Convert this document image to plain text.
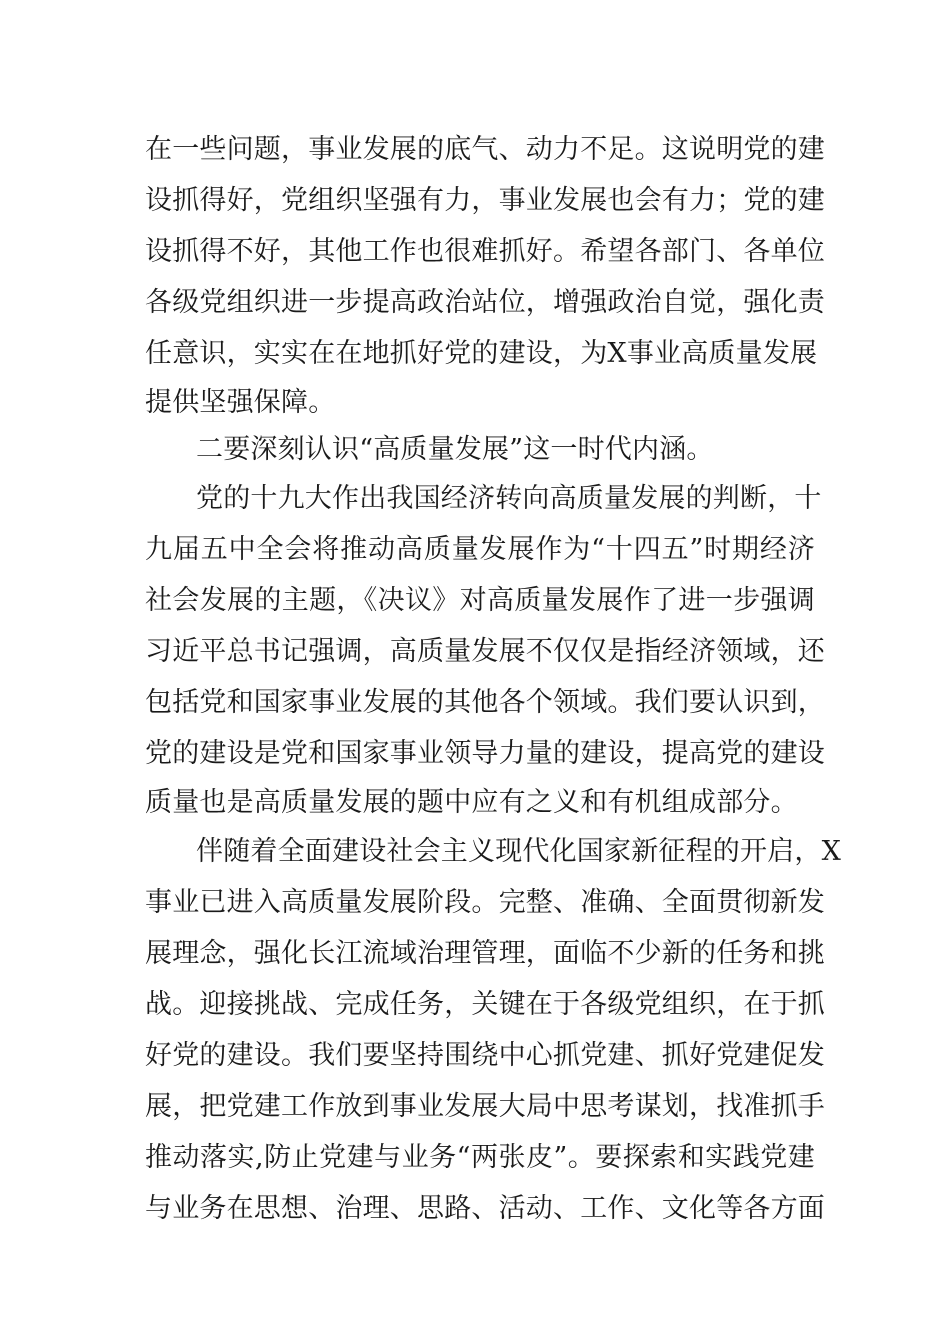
在一些问题，事业发展的底气、动力不足。这说明党的建
设抓得好，党组织坚强有力，事业发展也会有力；党的建
设抓得不好，其他工作也很难抓好。希望各部门、各单位
各级党组织进一步提高政治站位，增强政治自觉，强化责
任意识，实实在在地抓好党的建设，为X事业高质量发展
提供坚强保障。
二要深刻认识“高质量发展”这一时代内涵。
党的十九大作出我国经济转向高质量发展的判断，十
九届五中全会将推动高质量发展作为“十四五”时期经济
社会发展的主题，《决议》对高质量发展作了进一步强调
习近平总书记强调，高质量发展不仅仅是指经济领域，还
包括党和国家事业发展的其他各个领域。我们要认识到，
党的建设是党和国家事业领导力量的建设，提高党的建设
质量也是高质量发展的题中应有之义和有机组成部分。
伴随着全面建设社会主义现代化国家新征程的开启，X
事业已进入高质量发展阶段。完整、准确、全面贯彻新发
展理念，强化长江流域治理管理，面临不少新的任务和挑
战。迎接挑战、完成任务，关键在于各级党组织，在于抓
好党的建设。我们要坚持围绕中心抓党建、抓好党建促发
展，把党建工作放到事业发展大局中思考谋划，找准抓手
推动落实,防止党建与业务“两张皮”。要探索和实践党建
与业务在思想、治理、思路、活动、工作、文化等各方面
